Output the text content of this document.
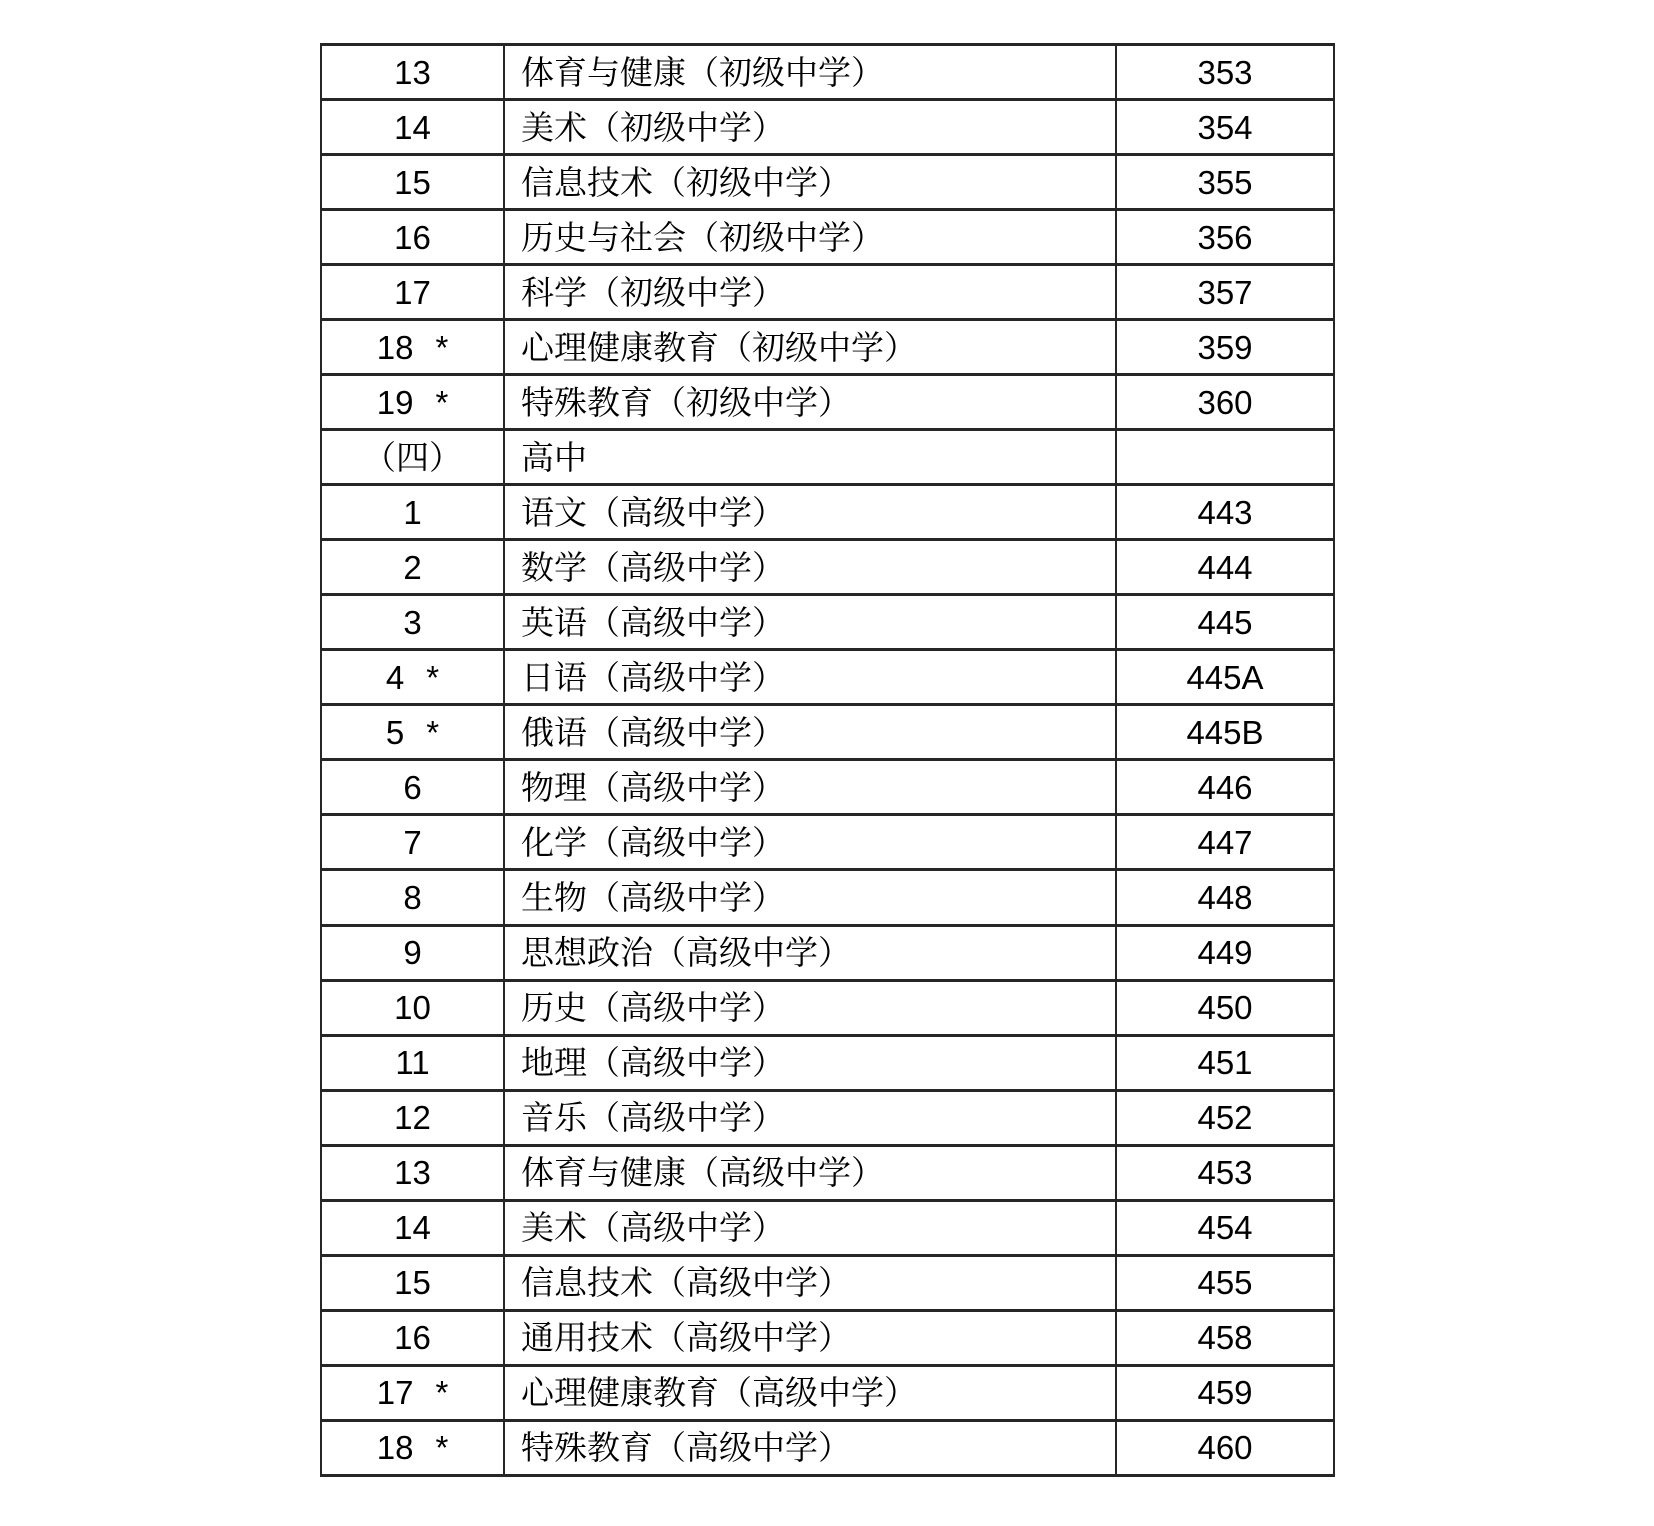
13	体育与健康（初级中学）	353
14	美术（初级中学）	354
15	信息技术（初级中学）	355
16	历史与社会（初级中学）	356
17	科学（初级中学）	357
18 *	心理健康教育（初级中学）	359
19 *	特殊教育（初级中学）	360
（四）	高中	
1	语文（高级中学）	443
2	数学（高级中学）	444
3	英语（高级中学）	445
4 *	日语（高级中学）	445A
5 *	俄语（高级中学）	445B
6	物理（高级中学）	446
7	化学（高级中学）	447
8	生物（高级中学）	448
9	思想政治（高级中学）	449
10	历史（高级中学）	450
11	地理（高级中学）	451
12	音乐（高级中学）	452
13	体育与健康（高级中学）	453
14	美术（高级中学）	454
15	信息技术（高级中学）	455
16	通用技术（高级中学）	458
17 *	心理健康教育（高级中学）	459
18 *	特殊教育（高级中学）	460
